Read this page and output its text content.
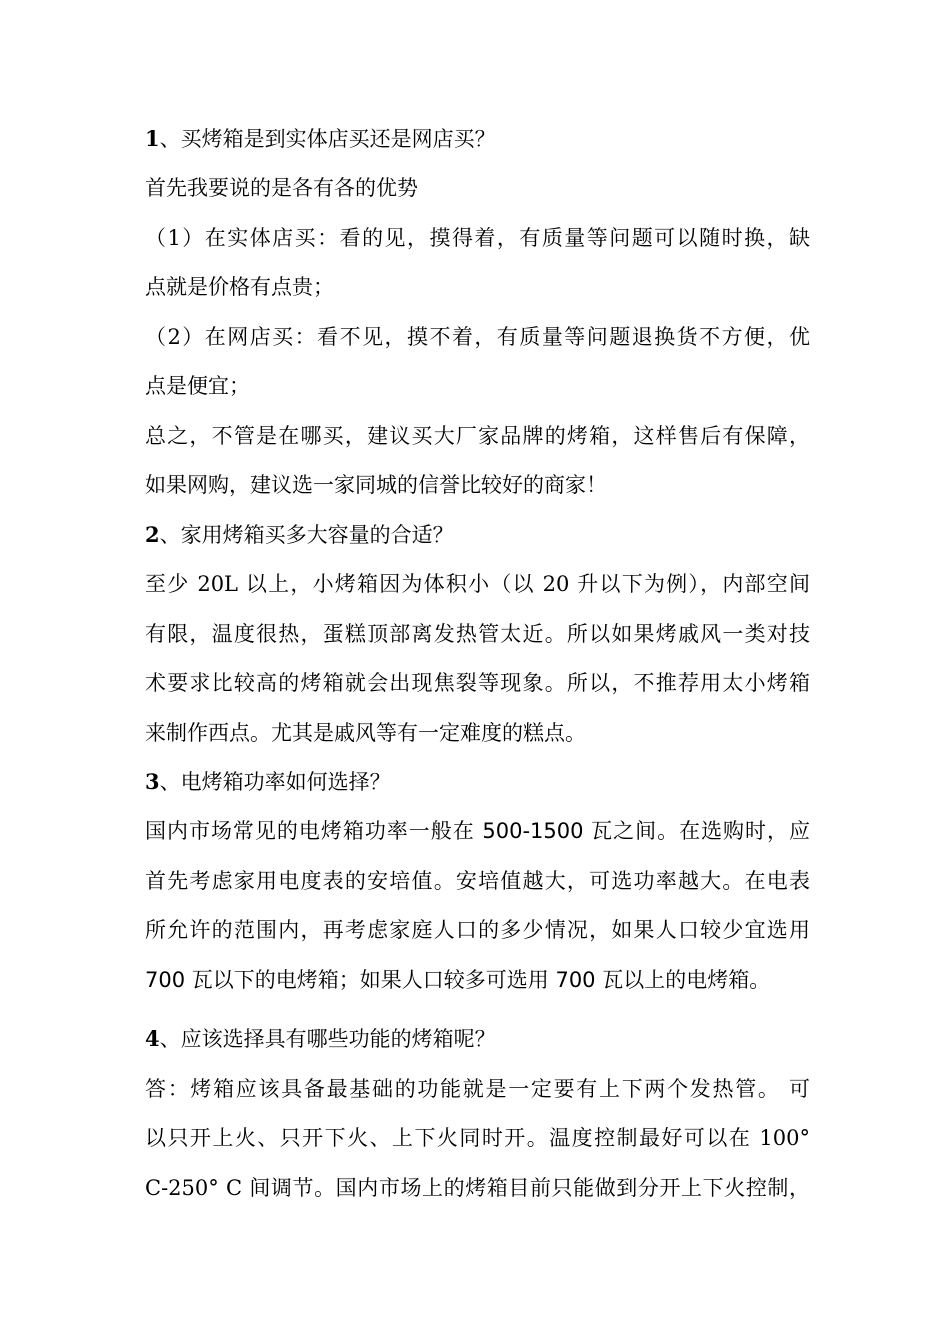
1、买烤箱是到实体店买还是网店买？
首先我要说的是各有各的优势
（1）在实体店买：看的见，摸得着，有质量等问题可以随时换，缺
点就是价格有点贵；
（2）在网店买：看不见，摸不着，有质量等问题退换货不方便，优
点是便宜；
总之，不管是在哪买，建议买大厂家品牌的烤箱，这样售后有保障，
如果网购，建议选一家同城的信誉比较好的商家！
2、家用烤箱买多大容量的合适？
至少 20L 以上，小烤箱因为体积小（以 20 升以下为例），内部空间
有限，温度很热，蛋糕顶部离发热管太近。所以如果烤戚风一类对技
术要求比较高的烤箱就会出现焦裂等现象。所以，不推荐用太小烤箱
来制作西点。尤其是戚风等有一定难度的糕点。
3、电烤箱功率如何选择？
国内市场常见的电烤箱功率一般在 500-1500 瓦之间。在选购时，应
首先考虑家用电度表的安培值。安培值越大，可选功率越大。在电表
所允许的范围内，再考虑家庭人口的多少情况，如果人口较少宜选用
700 瓦以下的电烤箱；如果人口较多可选用 700 瓦以上的电烤箱。
4、应该选择具有哪些功能的烤箱呢？
答：烤箱应该具备最基础的功能就是一定要有上下两个发热管。 可
以只开上火、只开下火、上下火同时开。温度控制最好可以在 100°
C-250° C 间调节。国内市场上的烤箱目前只能做到分开上下火控制，
